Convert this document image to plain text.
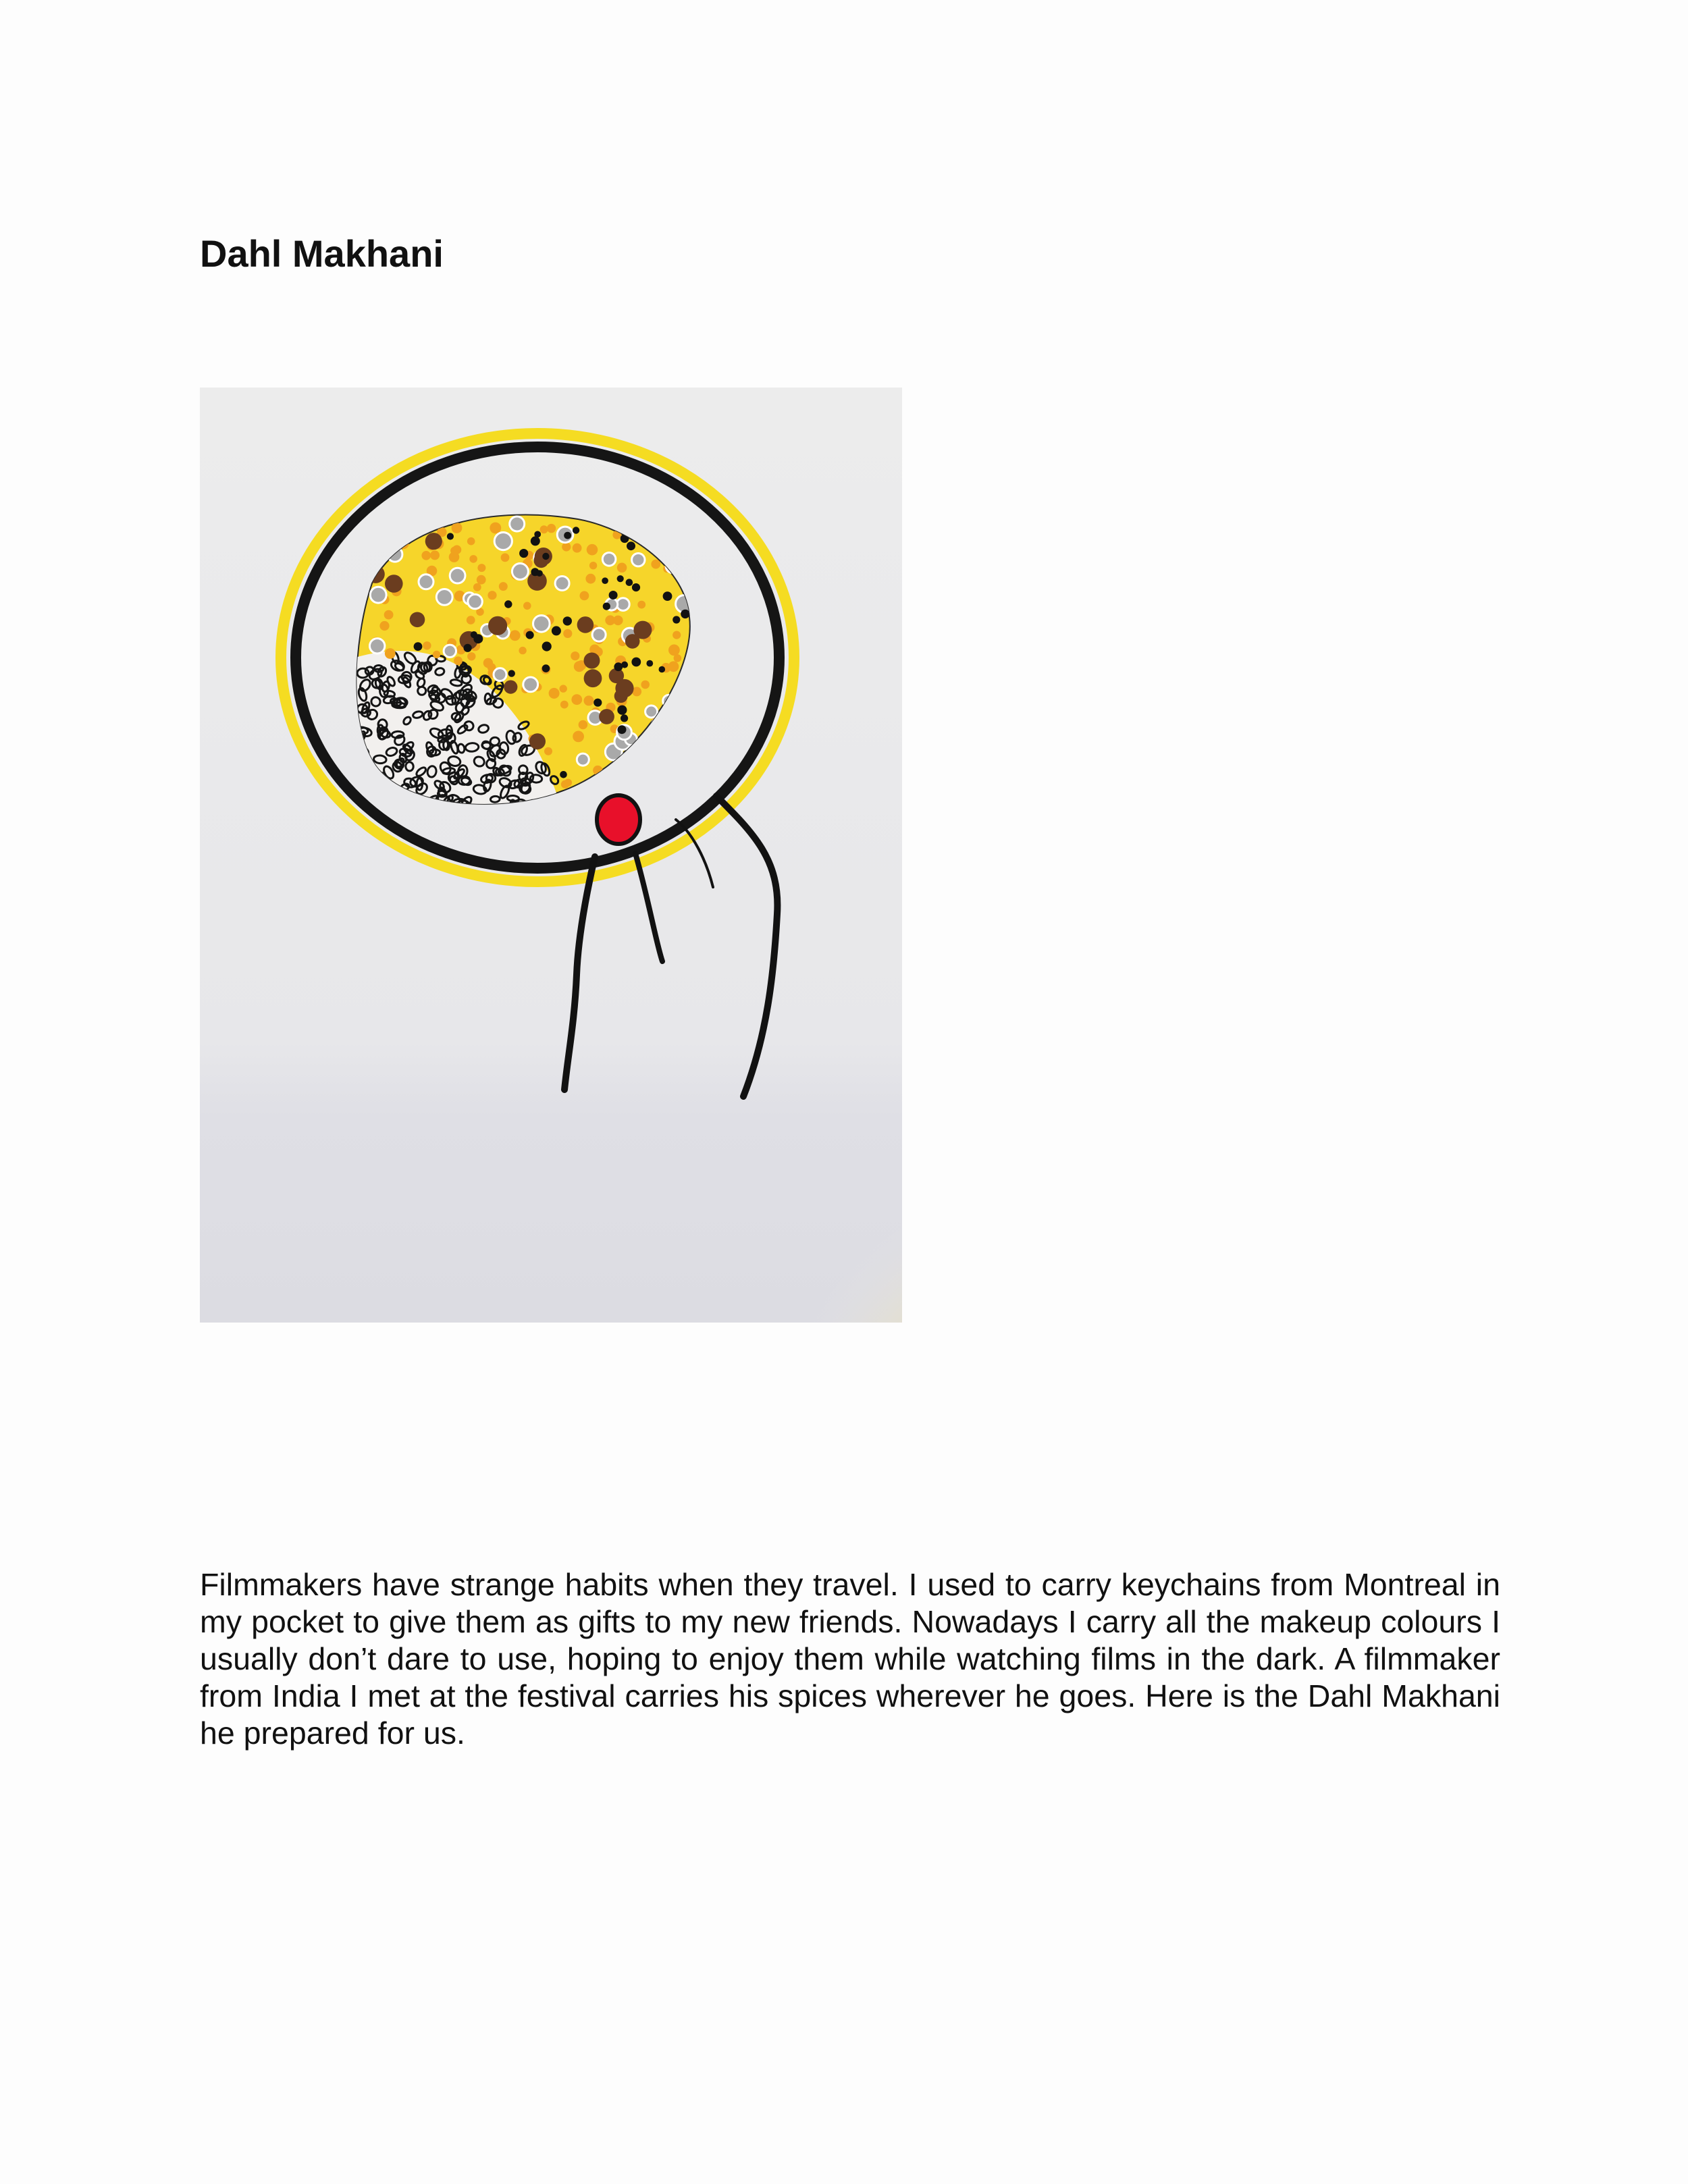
Dahl Makhani

Filmmakers have strange habits when they travel. I used to carry keychains from Montreal in my pocket to give them as gifts to my new friends. Nowadays I carry all the makeup colours I usually don’t dare to use, hoping to enjoy them while watching films in the dark. A filmmaker from India I met at the festival carries his spices wherever he goes. Here is the Dahl Makhani he prepared for us.
